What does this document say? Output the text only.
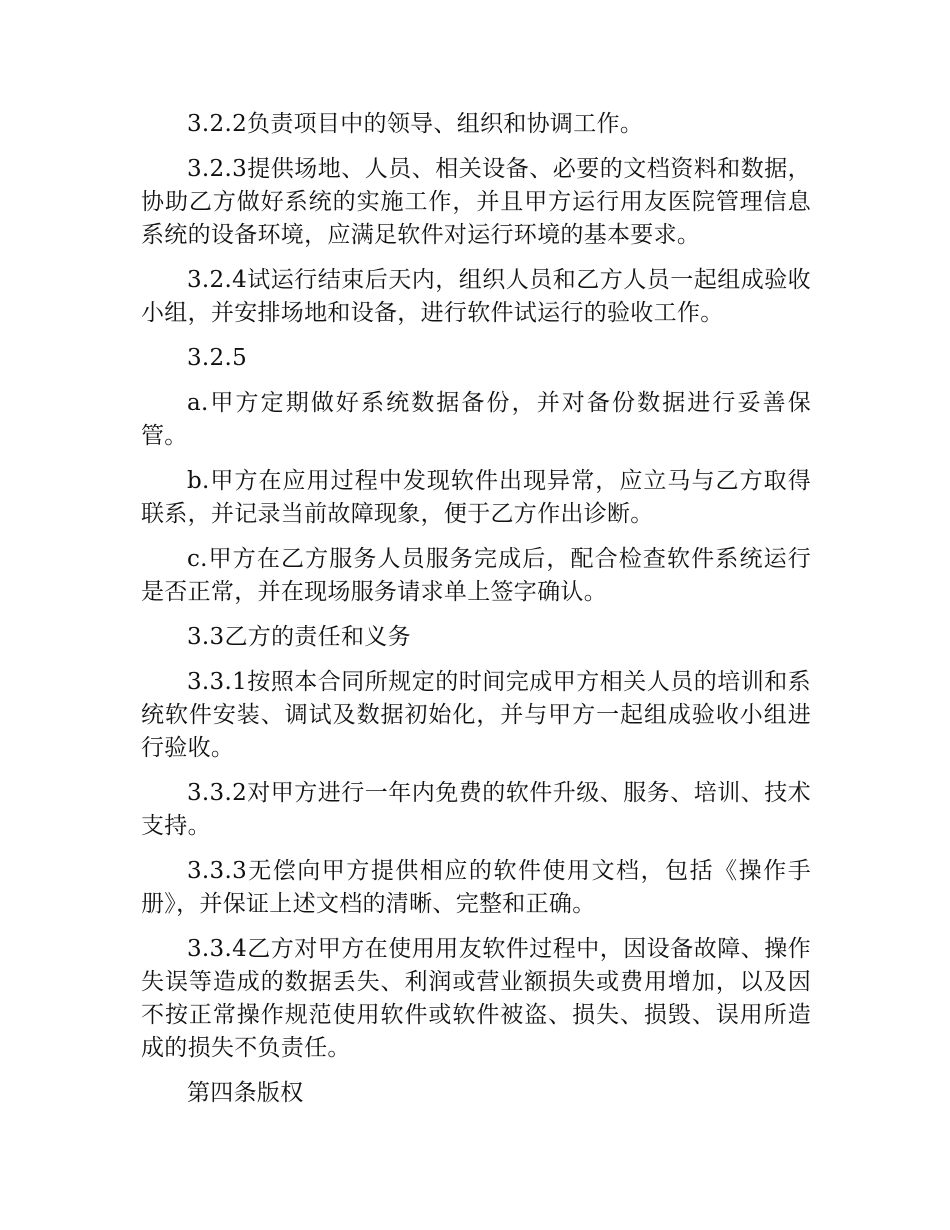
3.2.2负责项目中的领导、组织和协调工作。

3.2.3提供场地、人员、相关设备、必要的文档资料和数据，协助乙方做好系统的实施工作，并且甲方运行用友医院管理信息系统的设备环境，应满足软件对运行环境的基本要求。

3.2.4试运行结束后天内，组织人员和乙方人员一起组成验收小组，并安排场地和设备，进行软件试运行的验收工作。

3.2.5

a.甲方定期做好系统数据备份，并对备份数据进行妥善保管。

b.甲方在应用过程中发现软件出现异常，应立马与乙方取得联系，并记录当前故障现象，便于乙方作出诊断。

c.甲方在乙方服务人员服务完成后，配合检查软件系统运行是否正常，并在现场服务请求单上签字确认。

3.3乙方的责任和义务

3.3.1按照本合同所规定的时间完成甲方相关人员的培训和系统软件安装、调试及数据初始化，并与甲方一起组成验收小组进行验收。

3.3.2对甲方进行一年内免费的软件升级、服务、培训、技术支持。

3.3.3无偿向甲方提供相应的软件使用文档，包括《操作手册》，并保证上述文档的清晰、完整和正确。

3.3.4乙方对甲方在使用用友软件过程中，因设备故障、操作失误等造成的数据丢失、利润或营业额损失或费用增加，以及因不按正常操作规范使用软件或软件被盗、损失、损毁、误用所造成的损失不负责任。

第四条版权
